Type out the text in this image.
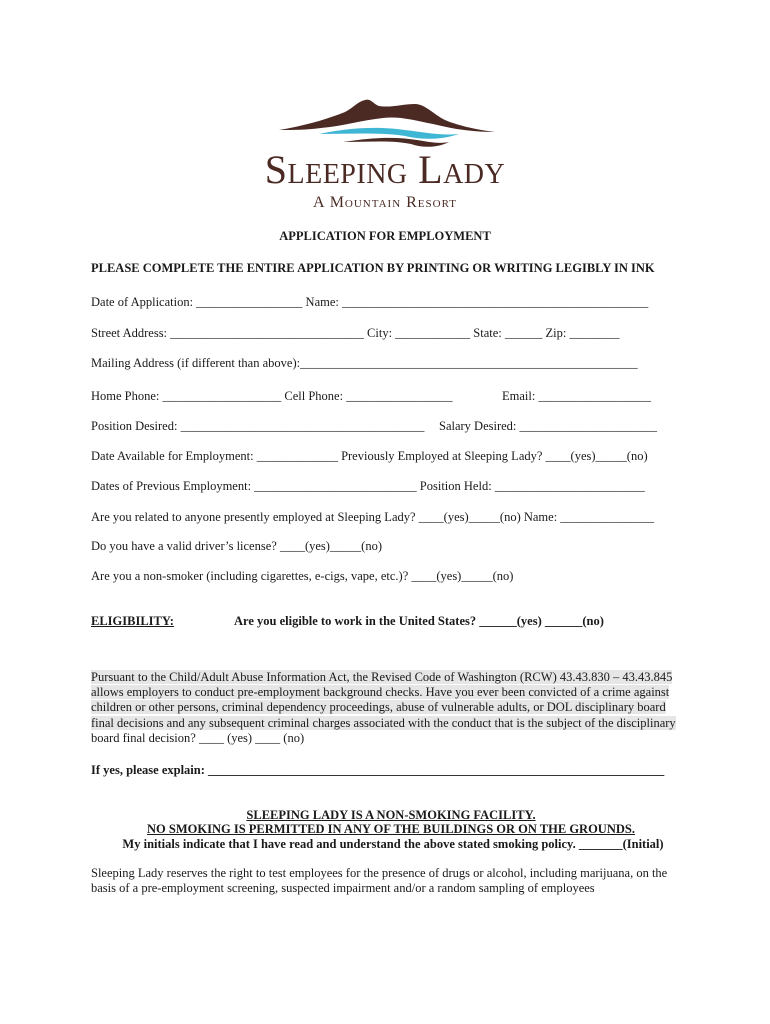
Sleeping Lady
A Mountain Resort
APPLICATION FOR EMPLOYMENT
PLEASE COMPLETE THE ENTIRE APPLICATION BY PRINTING OR WRITING LEGIBLY IN INK
Date of Application: _________________ Name: _________________________________________________
Street Address: _______________________________ City: ____________ State: ______ Zip: ________
Mailing Address (if different than above):______________________________________________________
Home Phone: ___________________ Cell Phone: _________________	Email: __________________
Position Desired: _______________________________________ Salary Desired: ______________________
Date Available for Employment: _____________ Previously Employed at Sleeping Lady? ____(yes)_____(no)
Dates of Previous Employment: __________________________ Position Held: ________________________
Are you related to anyone presently employed at Sleeping Lady? ____(yes)_____(no) Name: _______________
Do you have a valid driver’s license? ____(yes)_____(no)
Are you a non-smoker (including cigarettes, e-cigs, vape, etc.)? ____(yes)_____(no)
ELIGIBILITY:	Are you eligible to work in the United States? ______(yes) ______(no)
Pursuant to the Child/Adult Abuse Information Act, the Revised Code of Washington (RCW) 43.43.830 – 43.43.845
allows employers to conduct pre-employment background checks. Have you ever been convicted of a crime against
children or other persons, criminal dependency proceedings, abuse of vulnerable adults, or DOL disciplinary board
final decisions and any subsequent criminal charges associated with the conduct that is the subject of the disciplinary
board final decision? ____ (yes) ____ (no)
If yes, please explain: _________________________________________________________________________
SLEEPING LADY IS A NON-SMOKING FACILITY.
NO SMOKING IS PERMITTED IN ANY OF THE BUILDINGS OR ON THE GROUNDS.
My initials indicate that I have read and understand the above stated smoking policy. _______(Initial)
Sleeping Lady reserves the right to test employees for the presence of drugs or alcohol, including marijuana, on the
basis of a pre-employment screening, suspected impairment and/or a random sampling of employees
